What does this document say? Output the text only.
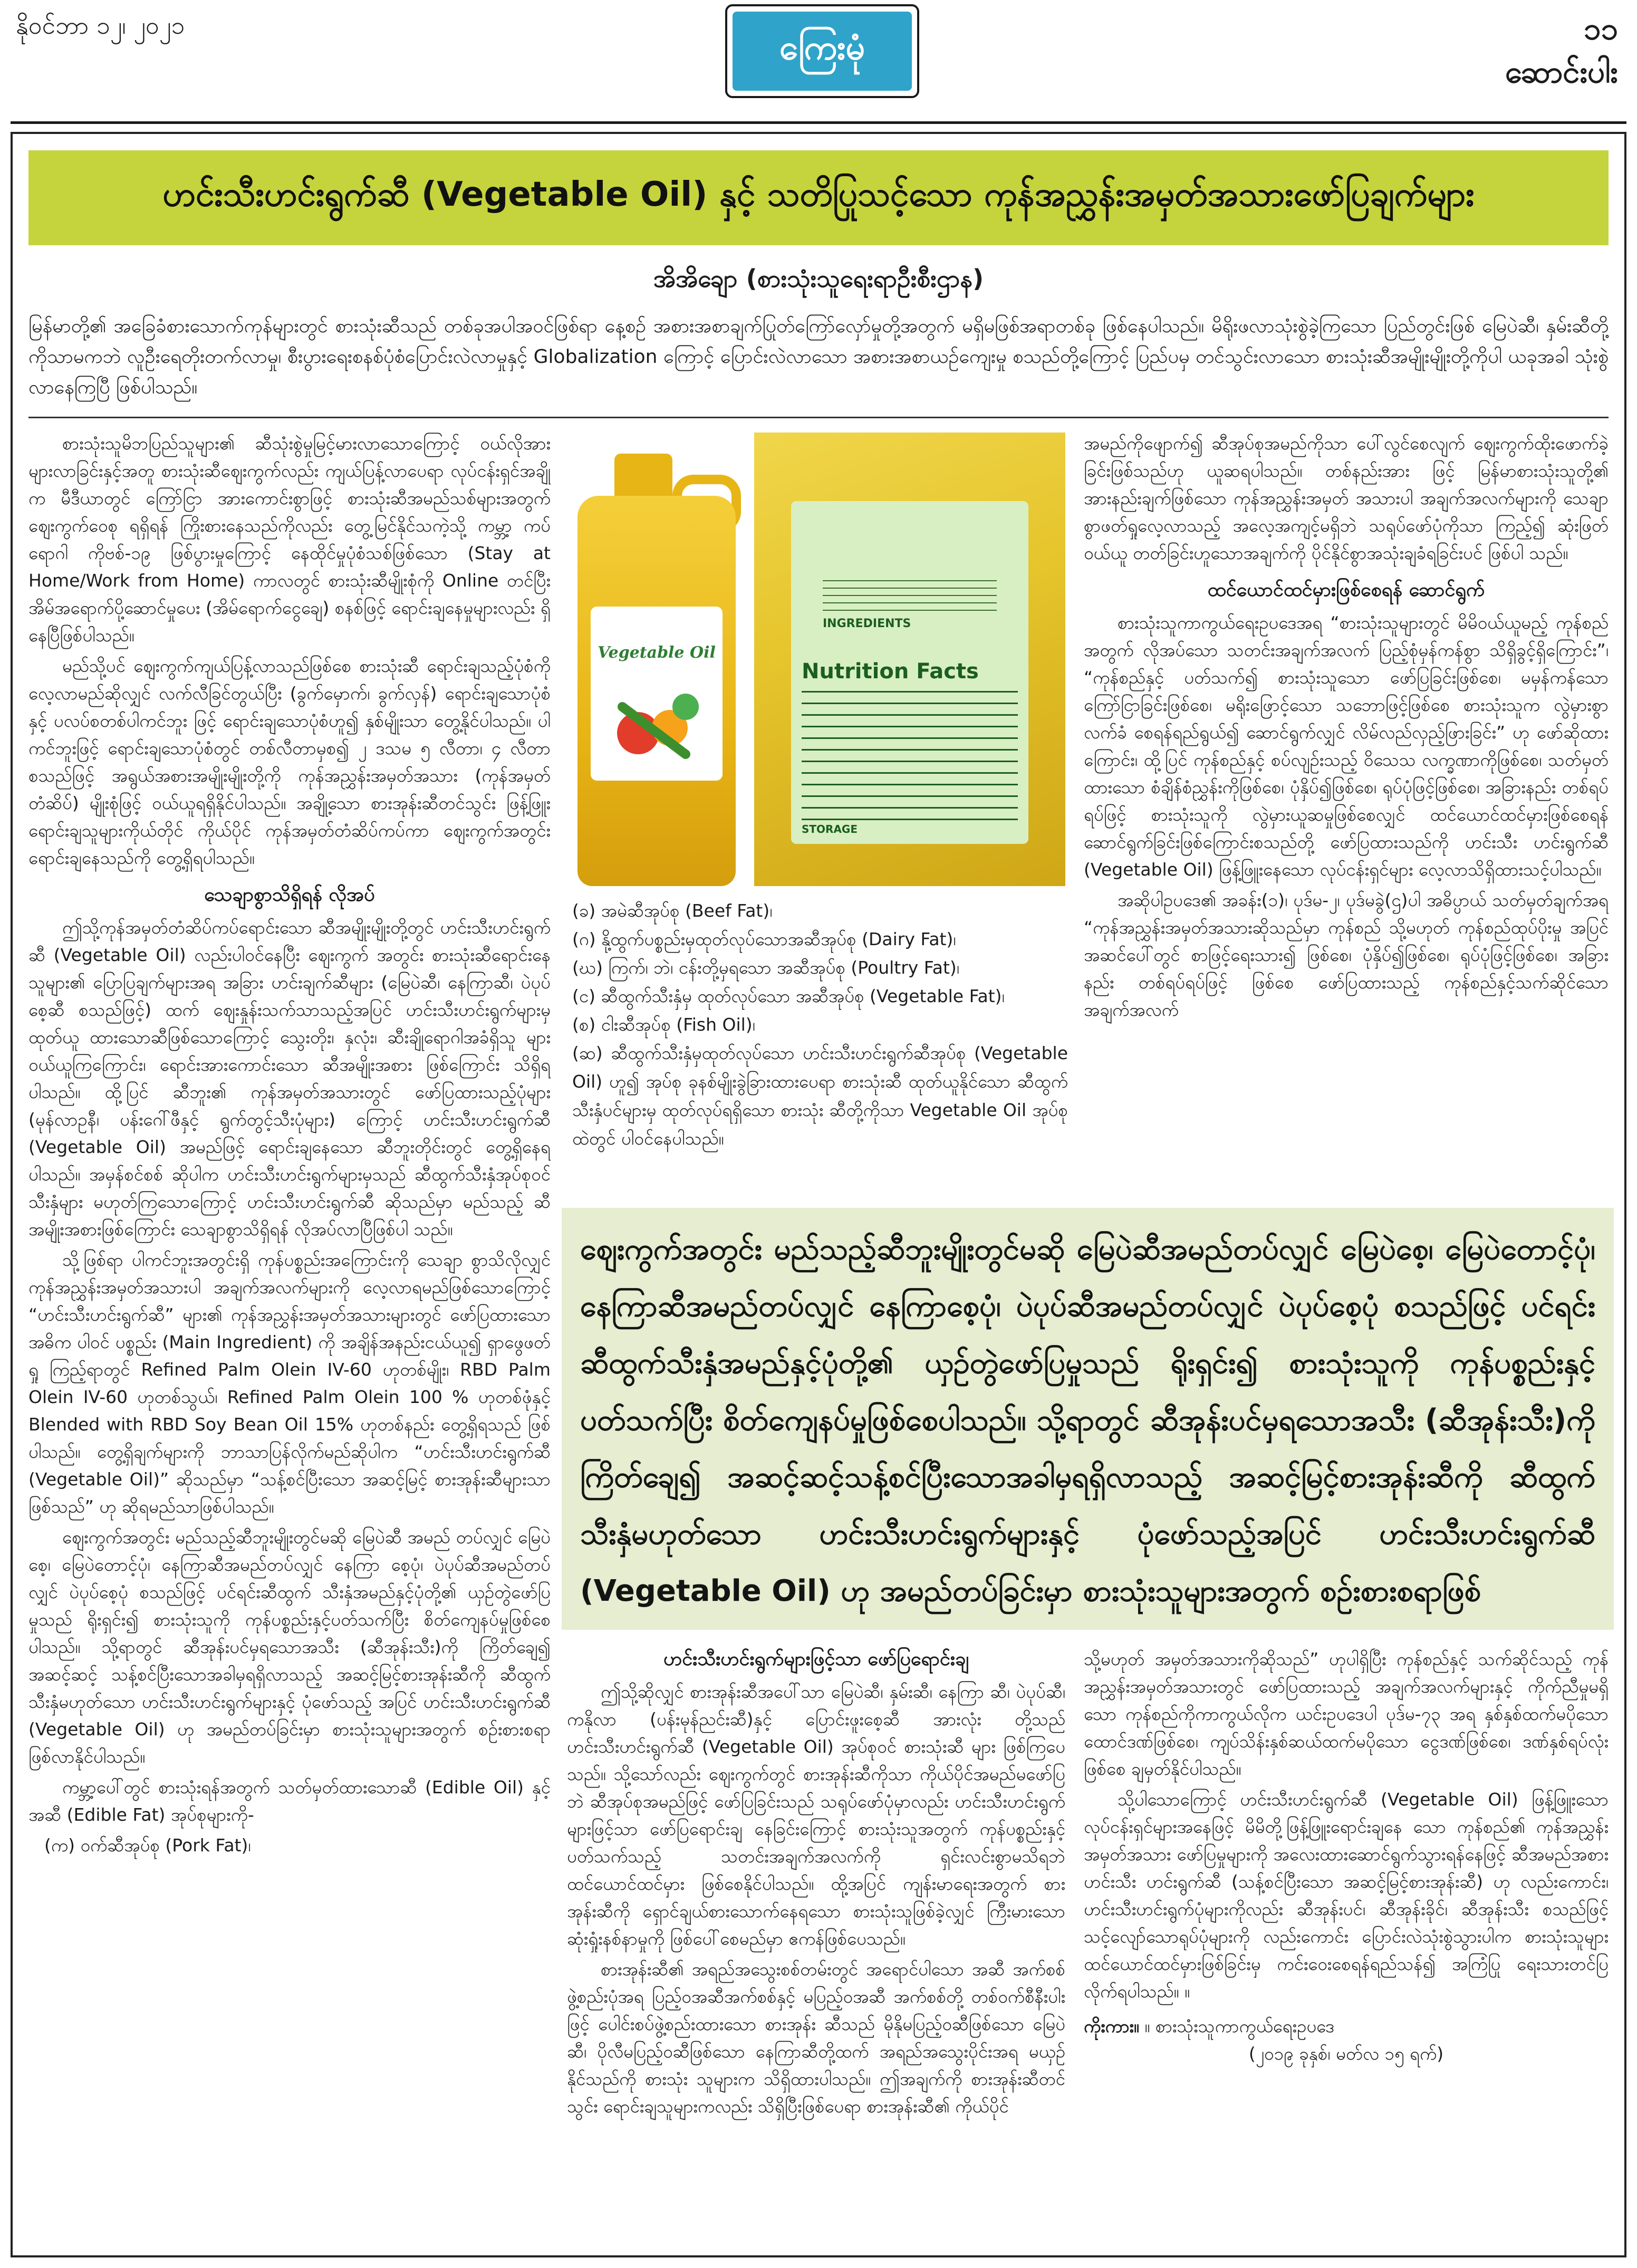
နိုဝင်ဘာ ၁၂၊ ၂၀၂၁
ကြေးမုံ	၁၁
ဆောင်းပါး
ဟင်းသီးဟင်းရွက်ဆီ (Vegetable Oil) နှင့် သတိပြုသင့်သော ကုန်အညွှန်းအမှတ်အသားဖော်ပြချက်များ
အိအိချော (စားသုံးသူရေးရာဦးစီးဌာန)
မြန်မာတို့၏ အခြေခံစားသောက်ကုန်များတွင် စားသုံးဆီသည် တစ်ခုအပါအဝင်ဖြစ်ရာ နေ့စဉ် အစားအစာချက်ပြုတ်ကြော်လှော်မှုတို့အတွက် မရှိမဖြစ်အရာတစ်ခု ဖြစ်နေပါသည်။ မိရိုးဖလာသုံးစွဲခဲ့ကြသော ပြည်တွင်းဖြစ် မြေပဲဆီ၊ နှမ်းဆီတို့ကိုသာမကဘဲ လူဦးရေတိုးတက်လာမှု၊ စီးပွားရေးစနစ်ပုံစံပြောင်းလဲလာမှုနှင့် Globalization ကြောင့် ပြောင်းလဲလာသော အစားအစာယဉ်ကျေးမှု စသည်တို့ကြောင့် ပြည်ပမှ တင်သွင်းလာသော စားသုံးဆီအမျိုးမျိုးတို့ကိုပါ ယခုအခါ သုံးစွဲလာနေကြပြီ ဖြစ်ပါသည်။

စားသုံးသူမိဘပြည်သူများ၏ ဆီသုံးစွဲမှုမြင့်မားလာသောကြောင့် ဝယ်လိုအား များလာခြင်းနှင့်အတူ စားသုံးဆီဈေးကွက်လည်း ကျယ်ပြန့်လာပေရာ လုပ်ငန်းရှင်အချို့က မီဒီယာတွင် ကြော်ငြာ အားကောင်းစွာဖြင့် စားသုံးဆီအမည်သစ်များအတွက် ဈေးကွက်ဝေစု ရရှိရန် ကြိုးစားနေသည်ကိုလည်း တွေ့မြင်နိုင်သကဲ့သို့ ကမ္ဘာ့ ကပ်ရောဂါ ကိုဗစ်-၁၉ ဖြစ်ပွားမှုကြောင့် နေထိုင်မှုပုံစံသစ်ဖြစ်သော (Stay at Home/Work from Home) ကာလတွင် စားသုံးဆီမျိုးစုံကို Online တင်ပြီး အိမ်အရောက်ပို့ဆောင်မှုပေး (အိမ်ရောက်ငွေချေ) စနစ်ဖြင့် ရောင်းချနေမှုများလည်း ရှိနေပြီဖြစ်ပါသည်။

မည်သို့ပင် ဈေးကွက်ကျယ်ပြန့်လာသည်ဖြစ်စေ စားသုံးဆီ ရောင်းချသည့်ပုံစံကို လေ့လာမည်ဆိုလျှင် လက်လီခြင်တွယ်ပြီး (ခွက်မှောက်၊ ခွက်လှန်) ရောင်းချသောပုံစံနှင့် ပလပ်စတစ်ပါကင်ဘူး ဖြင့် ရောင်းချသောပုံစံဟူ၍ နှစ်မျိုးသာ တွေ့နိုင်ပါသည်။ ပါကင်ဘူးဖြင့် ရောင်းချသောပုံစံတွင် တစ်လီတာမှစ၍ ၂ ဒသမ ၅ လီတာ၊ ၄ လီတာ စသည်ဖြင့် အရွယ်အစားအမျိုးမျိုးတို့ကို ကုန်အညွှန်းအမှတ်အသား (ကုန်အမှတ်တံဆိပ်) မျိုးစုံဖြင့် ဝယ်ယူရရှိနိုင်ပါသည်။ အချို့သော စားအုန်းဆီတင်သွင်း ဖြန့်ဖြူး ရောင်းချသူများကိုယ်တိုင် ကိုယ်ပိုင် ကုန်အမှတ်တံဆိပ်ကပ်ကာ ဈေးကွက်အတွင်း ရောင်းချနေသည်ကို တွေ့ရှိရပါသည်။

သေချာစွာသိရှိရန် လိုအပ်

ဤသို့ကုန်အမှတ်တံဆိပ်ကပ်ရောင်းသော ဆီအမျိုးမျိုးတို့တွင် ဟင်းသီးဟင်းရွက်ဆီ (Vegetable Oil) လည်းပါဝင်နေပြီး ဈေးကွက် အတွင်း စားသုံးဆီရောင်းနေသူများ၏ ပြောပြချက်များအရ အခြား ဟင်းချက်ဆီများ (မြေပဲဆီ၊ နေကြာဆီ၊ ပဲပုပ်စေ့ဆီ စသည်ဖြင့်) ထက် ဈေးနှုန်းသက်သာသည့်အပြင် ဟင်းသီးဟင်းရွက်များမှ ထုတ်ယူ ထားသောဆီဖြစ်သောကြောင့် သွေးတိုး၊ နှလုံး၊ ဆီးချိုရောဂါအခံရှိသူ များ ဝယ်ယူကြကြောင်း၊ ရောင်းအားကောင်းသော ဆီအမျိုးအစား ဖြစ်ကြောင်း သိရှိရပါသည်။ ထို့ပြင် ဆီဘူး၏ ကုန်အမှတ်အသားတွင် ဖော်ပြထားသည့်ပုံများ (မုန်လာဥနီ၊ ပန်းဂေါ်ဖီနှင့် ရွက်တွင့်သီးပုံများ) ကြောင့် ဟင်းသီးဟင်းရွက်ဆီ (Vegetable Oil) အမည်ဖြင့် ရောင်းချနေသော ဆီဘူးတိုင်းတွင် တွေ့ရှိနေရပါသည်။ အမှန်စင်စစ် ဆိုပါက ဟင်းသီးဟင်းရွက်များမှသည် ဆီထွက်သီးနှံအုပ်စုဝင် သီးနှံများ မဟုတ်ကြသောကြောင့် ဟင်းသီးဟင်းရွက်ဆီ ဆိုသည်မှာ မည်သည့် ဆီအမျိုးအစားဖြစ်ကြောင်း သေချာစွာသိရှိရန် လိုအပ်လာပြီဖြစ်ပါ သည်။

သို့ဖြစ်ရာ ပါကင်ဘူးအတွင်းရှိ ကုန်ပစ္စည်းအကြောင်းကို သေချာ စွာသိလိုလျှင် ကုန်အညွှန်းအမှတ်အသားပါ အချက်အလက်များကို လေ့လာရမည်ဖြစ်သောကြောင့် “ဟင်းသီးဟင်းရွက်ဆီ” များ၏ ကုန်အညွှန်းအမှတ်အသားများတွင် ဖော်ပြထားသော အဓိက ပါဝင် ပစ္စည်း (Main Ingredient) ကို အချိန်အနည်းငယ်ယူ၍ ရှာဖွေဖတ်ရှု ကြည့်ရာတွင် Refined Palm Olein IV-60 ဟုတစ်မျိုး၊ RBD Palm Olein IV-60 ဟုတစ်သွယ်၊ Refined Palm Olein 100 % ဟုတစ်ဖုံနှင့် Blended with RBD Soy Bean Oil 15% ဟုတစ်နည်း တွေ့ရှိရသည် ဖြစ်ပါသည်။ တွေ့ရှိချက်များကို ဘာသာပြန်လိုက်မည်ဆိုပါက “ဟင်းသီးဟင်းရွက်ဆီ (Vegetable Oil)” ဆိုသည်မှာ “သန့်စင်ပြီးသော အဆင့်မြင့် စားအုန်းဆီများသာဖြစ်သည်” ဟု ဆိုရမည်သာဖြစ်ပါသည်။

ဈေးကွက်အတွင်း မည်သည့်ဆီဘူးမျိုးတွင်မဆို မြေပဲဆီ အမည် တပ်လျှင် မြေပဲစေ့၊ မြေပဲတောင့်ပုံ၊ နေကြာဆီအမည်တပ်လျှင် နေကြာ စေ့ပုံ၊ ပဲပုပ်ဆီအမည်တပ်လျှင် ပဲပုပ်စေ့ပုံ စသည်ဖြင့် ပင်ရင်းဆီထွက် သီးနှံအမည်နှင့်ပုံတို့၏ ယှဉ်တွဲဖော်ပြမှုသည် ရိုးရှင်း၍ စားသုံးသူကို ကုန်ပစ္စည်းနှင့်ပတ်သက်ပြီး စိတ်ကျေနပ်မှုဖြစ်စေပါသည်။ သို့ရာတွင် ဆီအုန်းပင်မှရသောအသီး (ဆီအုန်းသီး)ကို ကြိတ်ချေ၍ အဆင့်ဆင့် သန့်စင်ပြီးသောအခါမှရရှိလာသည့် အဆင့်မြင့်စားအုန်းဆီကို ဆီထွက်သီးနှံမဟုတ်သော ဟင်းသီးဟင်းရွက်များနှင့် ပုံဖော်သည့် အပြင် ဟင်းသီးဟင်းရွက်ဆီ (Vegetable Oil) ဟု အမည်တပ်ခြင်းမှာ စားသုံးသူများအတွက် စဉ်းစားစရာ ဖြစ်လာနိုင်ပါသည်။

ကမ္ဘာ့ပေါ်တွင် စားသုံးရန်အတွက် သတ်မှတ်ထားသောဆီ (Edible Oil) နှင့် အဆီ (Edible Fat) အုပ်စုများကို-

(က) ဝက်ဆီအုပ်စု (Pork Fat)၊

Vegetable Oil
INGREDIENTS
Nutrition Facts
STORAGE

(ခ) အမဲဆီအုပ်စု (Beef Fat)၊

(ဂ) နို့ထွက်ပစ္စည်းမှထုတ်လုပ်သောအဆီအုပ်စု (Dairy Fat)၊

(ဃ) ကြက်၊ ဘဲ၊ ငန်းတို့မှရသော အဆီအုပ်စု (Poultry Fat)၊

(င) ဆီထွက်သီးနှံမှ ထုတ်လုပ်သော အဆီအုပ်စု (Vegetable Fat)၊

(စ) ငါးဆီအုပ်စု (Fish Oil)၊

(ဆ) ဆီထွက်သီးနှံမှထုတ်လုပ်သော ဟင်းသီးဟင်းရွက်ဆီအုပ်စု (Vegetable Oil) ဟူ၍ အုပ်စု ခုနစ်မျိုးခွဲခြားထားပေရာ စားသုံးဆီ ထုတ်ယူနိုင်သော ဆီထွက်သီးနှံပင်များမှ ထုတ်လုပ်ရရှိသော စားသုံး ဆီတို့ကိုသာ Vegetable Oil အုပ်စုထဲတွင် ပါဝင်နေပါသည်။

အမည်ကိုဖျောက်၍ ဆီအုပ်စုအမည်ကိုသာ ပေါ်လွင်စေလျက် ဈေးကွက်ထိုးဖောက်ခဲ့ခြင်းဖြစ်သည်ဟု ယူဆရပါသည်။ တစ်နည်းအား ဖြင့် မြန်မာစားသုံးသူတို့၏ အားနည်းချက်ဖြစ်သော ကုန်အညွှန်းအမှတ် အသားပါ အချက်အလက်များကို သေချာစွာဖတ်ရှုလေ့လာသည့် အလေ့အကျင့်မရှိဘဲ သရုပ်ဖော်ပုံကိုသာ ကြည့်၍ ဆုံးဖြတ်ဝယ်ယူ တတ်ခြင်းဟူသောအချက်ကို ပိုင်နိုင်စွာအသုံးချခံရခြင်းပင် ဖြစ်ပါ သည်။

ထင်ယောင်ထင်မှားဖြစ်စေရန် ဆောင်ရွက်

စားသုံးသူကာကွယ်ရေးဥပဒေအရ “စားသုံးသူများတွင် မိမိဝယ်ယူမည့် ကုန်စည်အတွက် လိုအပ်သော သတင်းအချက်အလက် ပြည့်စုံမှန်ကန်စွာ သိရှိခွင့်ရှိကြောင်း”၊ “ကုန်စည်နှင့် ပတ်သက်၍ စားသုံးသူသော ဖော်ပြခြင်းဖြစ်စေ၊ မမှန်ကန်သော ကြော်ငြာခြင်းဖြစ်စေ၊ မရိုးဖြောင့်သော သဘောဖြင့်ဖြစ်စေ စားသုံးသူက လွဲမှားစွာလက်ခံ စေရန်ရည်ရွယ်၍ ဆောင်ရွက်လျှင် လိမ်လည်လှည့်ဖြားခြင်း” ဟု ဖော်ဆိုထားကြောင်း၊ ထို့ပြင် ကုန်စည်နှင့် စပ်လျဉ်းသည့် ဝိသေသ လက္ခဏာကိုဖြစ်စေ၊ သတ်မှတ်ထားသော စံချိန်စံညွှန်းကိုဖြစ်စေ၊ ပုံနှိပ်၍ဖြစ်စေ၊ ရုပ်ပုံဖြင့်ဖြစ်စေ၊ အခြားနည်း တစ်ရပ်ရပ်ဖြင့် စားသုံးသူကို လွဲမှားယူဆမှုဖြစ်စေလျှင် ထင်ယောင်ထင်မှားဖြစ်စေရန် ဆောင်ရွက်ခြင်းဖြစ်ကြောင်းစသည်တို့ ဖော်ပြထားသည်ကို ဟင်းသီး ဟင်းရွက်ဆီ (Vegetable Oil) ဖြန့်ဖြူးနေသော လုပ်ငန်းရှင်များ လေ့လာသိရှိထားသင့်ပါသည်။

အဆိုပါဥပဒေ၏ အခန်း(၁)၊ ပုဒ်မ-၂၊ ပုဒ်မခွဲ(ဌ)ပါ အဓိပ္ပာယ် သတ်မှတ်ချက်အရ “ကုန်အညွှန်းအမှတ်အသားဆိုသည်မှာ ကုန်စည် သို့မဟုတ် ကုန်စည်ထုပ်ပိုးမှု အပြင်အဆင်ပေါ်တွင် စာဖြင့်ရေးသား၍ ဖြစ်စေ၊ ပုံနှိပ်၍ဖြစ်စေ၊ ရုပ်ပုံဖြင့်ဖြစ်စေ၊ အခြားနည်း တစ်ရပ်ရပ်ဖြင့် ဖြစ်စေ ဖော်ပြထားသည့် ကုန်စည်နှင့်သက်ဆိုင်သော အချက်အလက်

ဈေးကွက်အတွင်း မည်သည့်ဆီဘူးမျိုးတွင်မဆို မြေပဲဆီအမည်တပ်လျှင် မြေပဲစေ့၊ မြေပဲတောင့်ပုံ၊ နေကြာဆီအမည်တပ်လျှင် နေကြာစေ့ပုံ၊ ပဲပုပ်ဆီအမည်တပ်လျှင် ပဲပုပ်စေ့ပုံ စသည်ဖြင့် ပင်ရင်း ဆီထွက်သီးနှံအမည်နှင့်ပုံတို့၏ ယှဉ်တွဲဖော်ပြမှုသည် ရိုးရှင်း၍ စားသုံးသူကို ကုန်ပစ္စည်းနှင့်ပတ်သက်ပြီး စိတ်ကျေနပ်မှုဖြစ်စေပါသည်။ သို့ရာတွင် ဆီအုန်းပင်မှရသောအသီး (ဆီအုန်းသီး)ကို ကြိတ်ချေ၍ အဆင့်ဆင့်သန့်စင်ပြီးသောအခါမှရရှိလာသည့် အဆင့်မြင့်စားအုန်းဆီကို ဆီထွက်သီးနှံမဟုတ်သော ဟင်းသီးဟင်းရွက်များနှင့် ပုံဖော်သည့်အပြင် ဟင်းသီးဟင်းရွက်ဆီ (Vegetable Oil) ဟု အမည်တပ်ခြင်းမှာ စားသုံးသူများအတွက် စဉ်းစားစရာဖြစ်
ဟင်းသီးဟင်းရွက်များဖြင့်သာ ဖော်ပြရောင်းချ

ဤသို့ဆိုလျှင် စားအုန်းဆီအပေါ်သာ မြေပဲဆီ၊ နှမ်းဆီ၊ နေကြာ ဆီ၊ ပဲပုပ်ဆီ၊ ကနိုလာ (ပန်းမုန်ညင်းဆီ)နှင့် ပြောင်းဖူးစေ့ဆီ အားလုံး တို့သည် ဟင်းသီးဟင်းရွက်ဆီ (Vegetable Oil) အုပ်စုဝင် စားသုံးဆီ များ ဖြစ်ကြပေသည်။ သို့သော်လည်း ဈေးကွက်တွင် စားအုန်းဆီကိုသာ ကိုယ်ပိုင်အမည်မဖော်ပြဘဲ ဆီအုပ်စုအမည်ဖြင့် ဖော်ပြခြင်းသည် သရုပ်ဖော်ပုံမှာလည်း ဟင်းသီးဟင်းရွက်များဖြင့်သာ ဖော်ပြရောင်းချ နေခြင်းကြောင့် စားသုံးသူအတွက် ကုန်ပစ္စည်းနှင့်ပတ်သက်သည့် သတင်းအချက်အလက်ကို ရှင်းလင်းစွာမသိရဘဲ ထင်ယောင်ထင်မှား ဖြစ်စေနိုင်ပါသည်။ ထို့အပြင် ကျန်းမာရေးအတွက် စားအုန်းဆီကို ရှောင်ချယ်စားသောက်နေရသော စားသုံးသူဖြစ်ခဲ့လျှင် ကြီးမားသော ဆုံးရှုံးနစ်နာမှုကို ဖြစ်ပေါ်စေမည်မှာ ဧကန်ဖြစ်ပေသည်။

စားအုန်းဆီ၏ အရည်အသွေးစစ်တမ်းတွင် အရောင်ပါသော အဆီ အက်စစ်ဖွဲ့စည်းပုံအရ ပြည့်ဝအဆီအက်စစ်နှင့် မပြည့်ဝအဆီ အက်စစ်တို့ တစ်ဝက်စီနီးပါးဖြင့် ပေါင်းစပ်ဖွဲ့စည်းထားသော စားအုန်း ဆီသည် မိုနိုမပြည့်ဝဆီဖြစ်သော မြေပဲဆီ၊ ပိုလီမပြည့်ဝဆီဖြစ်သော နေကြာဆီတို့ထက် အရည်အသွေးပိုင်းအရ မယှဉ်နိုင်သည်ကို စားသုံး သူများက သိရှိထားပါသည်။ ဤအချက်ကို စားအုန်းဆီတင်သွင်း ရောင်းချသူများကလည်း သိရှိပြီးဖြစ်ပေရာ စားအုန်းဆီ၏ ကိုယ်ပိုင်

သို့မဟုတ် အမှတ်အသားကိုဆိုသည်” ဟုပါရှိပြီး ကုန်စည်နှင့် သက်ဆိုင်သည့် ကုန်အညွှန်းအမှတ်အသားတွင် ဖော်ပြထားသည့် အချက်အလက်များနှင့် ကိုက်ညီမှုမရှိသော ကုန်စည်ကိုကာကွယ်လိုက ယင်းဥပဒေပါ ပုဒ်မ-၇၃ အရ နှစ်နှစ်ထက်မပိုသော ထောင်ဒဏ်ဖြစ်စေ၊ ကျပ်သိန်းနှစ်ဆယ်ထက်မပိုသော ငွေဒဏ်ဖြစ်စေ၊ ဒဏ်နှစ်ရပ်လုံးဖြစ်စေ ချမှတ်နိုင်ပါသည်။

သို့ပါသောကြောင့် ဟင်းသီးဟင်းရွက်ဆီ (Vegetable Oil) ဖြန့်ဖြူးသော လုပ်ငန်းရှင်များအနေဖြင့် မိမိတို့ဖြန့်ဖြူးရောင်းချနေ သော ကုန်စည်၏ ကုန်အညွှန်းအမှတ်အသား ဖော်ပြမှုများကို အလေးထားဆောင်ရွက်သွားရန်နေဖြင့် ဆီအမည်အစားဟင်းသီး ဟင်းရွက်ဆီ (သန့်စင်ပြီးသော အဆင့်မြင့်စားအုန်းဆီ) ဟု လည်းကောင်း၊ ဟင်းသီးဟင်းရွက်ပုံများကိုလည်း ဆီအုန်းပင်၊ ဆီအုန်းခိုင်၊ ဆီအုန်းသီး စသည်ဖြင့် သင့်လျော်သောရုပ်ပုံများကို လည်းကောင်း ပြောင်းလဲသုံးစွဲသွားပါက စားသုံးသူများ ထင်ယောင်ထင်မှားဖြစ်ခြင်းမှ ကင်းဝေးစေရန်ရည်သန်၍ အကြံပြု ရေးသားတင်ပြလိုက်ရပါသည်။ ။

ကိုးကား။ ။ စားသုံးသူကာကွယ်ရေးဥပဒေ
(၂၀၁၉ ခုနှစ်၊ မတ်လ ၁၅ ရက်)
